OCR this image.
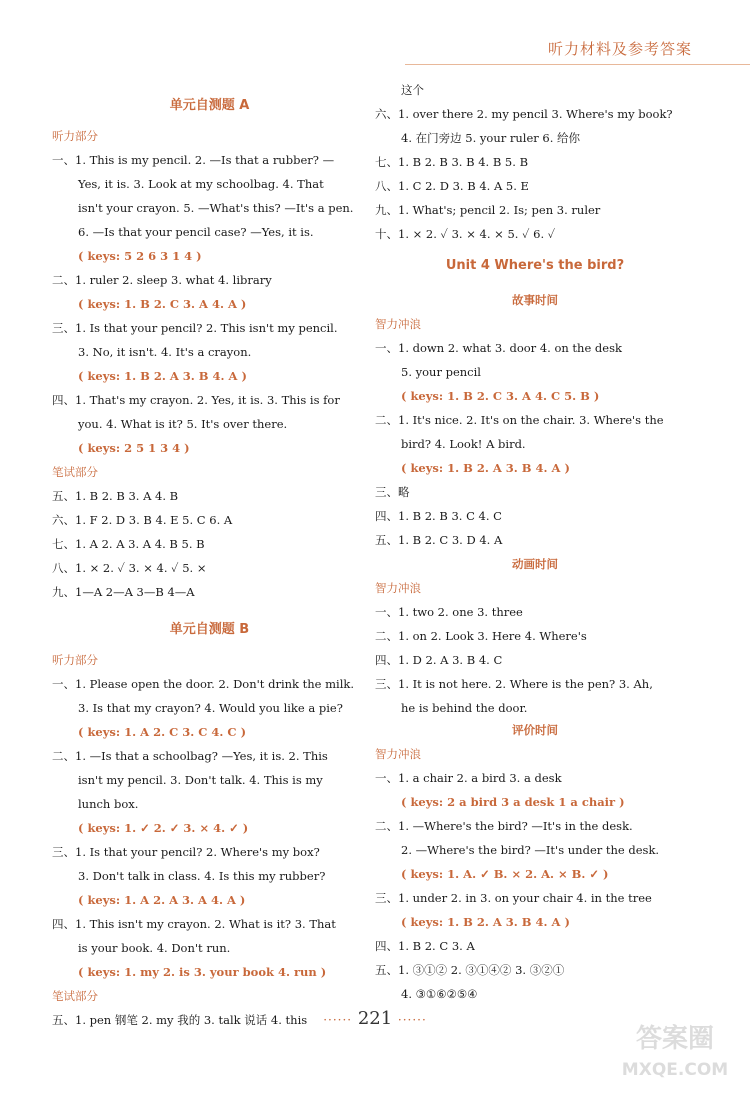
听力材料及参考答案
单元自测题 A
听力部分
一、1. This is my pencil. 2. —Is that a rubber? —
Yes, it is. 3. Look at my schoolbag. 4. That
isn't your crayon. 5. —What's this? —It's a pen.
6. —Is that your pencil case? —Yes, it is.
( keys: 5 2 6 3 1 4 )
二、1. ruler 2. sleep 3. what 4. library
( keys: 1. B 2. C 3. A 4. A )
三、1. Is that your pencil? 2. This isn't my pencil.
3. No, it isn't. 4. It's a crayon.
( keys: 1. B 2. A 3. B 4. A )
四、1. That's my crayon. 2. Yes, it is. 3. This is for
you. 4. What is it? 5. It's over there.
( keys: 2 5 1 3 4 )
笔试部分
五、1. B 2. B 3. A 4. B
六、1. F 2. D 3. B 4. E 5. C 6. A
七、1. A 2. A 3. A 4. B 5. B
八、1. × 2. ✓ 3. × 4. ✓ 5. ×
九、1—A 2—A 3—B 4—A
单元自测题 B
听力部分
一、1. Please open the door. 2. Don't drink the milk.
3. Is that my crayon? 4. Would you like a pie?
( keys: 1. A 2. C 3. C 4. C )
二、1. —Is that a schoolbag? —Yes, it is. 2. This
isn't my pencil. 3. Don't talk. 4. This is my
lunch box.
( keys: 1. ✓ 2. ✓ 3. × 4. ✓ )
三、1. Is that your pencil? 2. Where's my box?
3. Don't talk in class. 4. Is this my rubber?
( keys: 1. A 2. A 3. A 4. A )
四、1. This isn't my crayon. 2. What is it? 3. That
is your book. 4. Don't run.
( keys: 1. my 2. is 3. your book 4. run )
笔试部分
五、1. pen 钢笔 2. my 我的 3. talk 说话 4. this
这个
六、1. over there 2. my pencil 3. Where's my book?
4. 在门旁边 5. your ruler 6. 给你
七、1. B 2. B 3. B 4. B 5. B
八、1. C 2. D 3. B 4. A 5. E
九、1. What's; pencil 2. Is; pen 3. ruler
十、1. × 2. ✓ 3. × 4. × 5. ✓ 6. ✓
Unit 4 Where's the bird?
故事时间
智力冲浪
一、1. down 2. what 3. door 4. on the desk
5. your pencil
( keys: 1. B 2. C 3. A 4. C 5. B )
二、1. It's nice. 2. It's on the chair. 3. Where's the
bird? 4. Look! A bird.
( keys: 1. B 2. A 3. B 4. A )
三、略
四、1. B 2. B 3. C 4. C
五、1. B 2. C 3. D 4. A
动画时间
智力冲浪
一、1. two 2. one 3. three
二、1. on 2. Look 3. Here 4. Where's
四、1. D 2. A 3. B 4. C
三、1. It is not here. 2. Where is the pen? 3. Ah,
he is behind the door.
评价时间
智力冲浪
一、1. a chair 2. a bird 3. a desk
( keys: 2 a bird 3 a desk 1 a chair )
二、1. —Where's the bird? —It's in the desk.
2. —Where's the bird? —It's under the desk.
( keys: 1. A. ✓ B. × 2. A. × B. ✓ )
三、1. under 2. in 3. on your chair 4. in the tree
( keys: 1. B 2. A 3. B 4. A )
四、1. B 2. C 3. A
五、1. ③①② 2. ③①④② 3. ③②①
4. ③①⑥②⑤④
······ 221 ······
答案圈
MXQE.COM
